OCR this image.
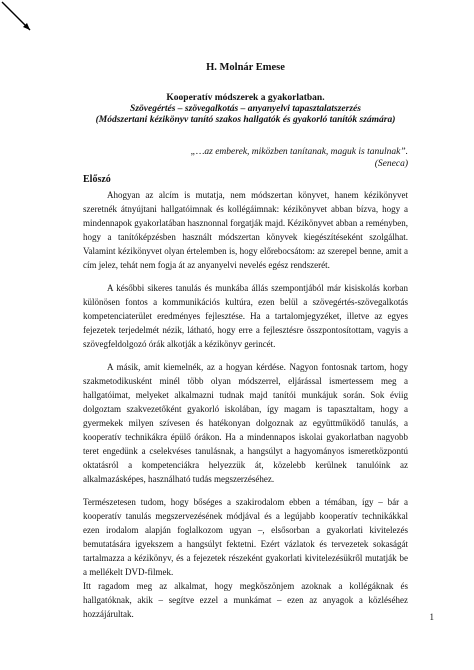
H. Molnár Emese
Kooperatív módszerek a gyakorlatban.
Szövegértés – szövegalkotás – anyanyelvi tapasztalatszerzés
(Módszertani kézikönyv tanító szakos hallgatók és gyakorló tanítók számára)
„…az emberek, miközben tanítanak, maguk is tanulnak”.
(Seneca)
Előszó

Ahogyan az alcím is mutatja, nem módszertan könyvet, hanem kézikönyvet szeretnék átnyújtani hallgatóimnak és kollégáimnak: kézikönyvet abban bízva, hogy a mindennapok gyakorlatában hasznonnal forgatják majd. Kézikönyvet abban a reményben, hogy a tanítóképzésben használt módszertan könyvek kiegészítéseként szolgálhat. Valamint kézikönyvet olyan értelemben is, hogy előrebocsátom: az szerepel benne, amit a cím jelez, tehát nem fogja át az anyanyelvi nevelés egész rendszerét.

A későbbi sikeres tanulás és munkába állás szempontjából már kisiskolás korban különösen fontos a kommunikációs kultúra, ezen belül a szövegértés-szövegalkotás kompetenciaterület eredményes fejlesztése. Ha a tartalomjegyzéket, illetve az egyes fejezetek terjedelmét nézik, látható, hogy erre a fejlesztésre összpontosítottam, vagyis a szövegfeldolgozó órák alkotják a kézikönyv gerincét.

A másik, amit kiemelnék, az a hogyan kérdése. Nagyon fontosnak tartom, hogy szakmetodikusként minél több olyan módszerrel, eljárással ismertessem meg a hallgatóimat, melyeket alkalmazni tudnak majd tanítói munkájuk során. Sok éviig dolgoztam szakvezetőként gyakorló iskolában, így magam is tapasztaltam, hogy a gyermekek milyen szívesen és hatékonyan dolgoznak az együttműködő tanulás, a kooperatív technikákra épülő órákon. Ha a mindennapos iskolai gyakorlatban nagyobb teret engedünk a cselekvéses tanulásnak, a hangsúlyt a hagyományos ismeretközpontú oktatásról a kompetenciákra helyezzük át, közelebb kerülnek tanulóink az alkalmazásképes, használható tudás megszerzéséhez.

Természetesen tudom, hogy bőséges a szakirodalom ebben a témában, így – bár a kooperatív tanulás megszervezésének módjával és a legújabb kooperatív technikákkal ezen irodalom alapján foglalkozom ugyan –, elsősorban a gyakorlati kivitelezés bemutatására igyekszem a hangsúlyt fektetni. Ezért vázlatok és tervezetek sokaságát tartalmazza a kézikönyv, és a fejezetek részeként gyakorlati kivitelezésükről mutatják be a mellékelt DVD-filmek.

Itt ragadom meg az alkalmat, hogy megköszönjem azoknak a kollégáknak és hallgatóknak, akik – segítve ezzel a munkámat – ezen az anyagok a közléséhez hozzájárultak.	1
